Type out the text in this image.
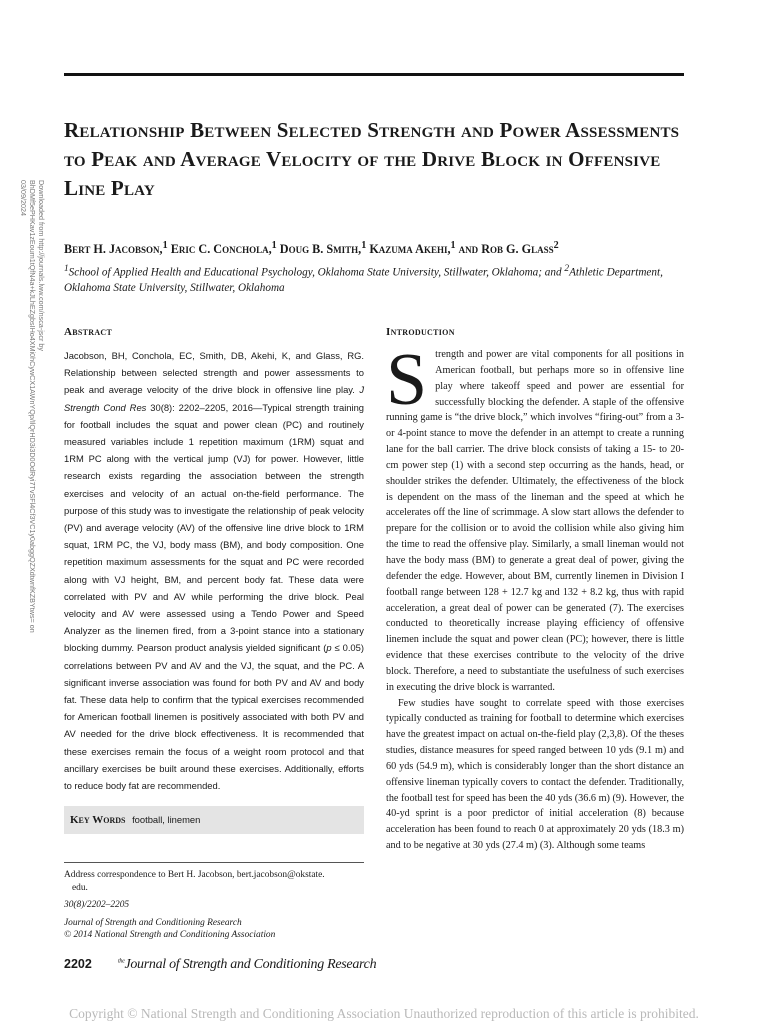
Downloaded from http://journals.lww.com/nsca-jscr by BhDMf5ePHKav1zEoum1tQfN4a+kJLhEZgbsIHo4XMi0hCywCX1AWnYQp/IlQrHD3i3D0OdRyi7TvSFl4Cf3VC1y0abggQZXdtwnfKZBYtws= on 03/09/2024
Relationship Between Selected Strength and Power Assessments to Peak and Average Velocity of the Drive Block in Offensive Line Play

Bert H. Jacobson,$^1$ Eric C. Conchola,$^1$ Doug B. Smith,$^1$ Kazuma Akehi,$^1$ and Rob G. Glass$^2$

$^1$School of Applied Health and Educational Psychology, Oklahoma State University, Stillwater, Oklahoma; and $^2$Athletic Department, Oklahoma State University, Stillwater, Oklahoma

Abstract

Jacobson, BH, Conchola, EC, Smith, DB, Akehi, K, and Glass, RG. Relationship between selected strength and power assessments to peak and average velocity of the drive block in offensive line play. J Strength Cond Res 30(8): 2202–2205, 2016—Typical strength training for football includes the squat and power clean (PC) and routinely measured variables include 1 repetition maximum (1RM) squat and 1RM PC along with the vertical jump (VJ) for power. However, little research exists regarding the association between the strength exercises and velocity of an actual on-the-field performance. The purpose of this study was to investigate the relationship of peak velocity (PV) and average velocity (AV) of the offensive line drive block to 1RM squat, 1RM PC, the VJ, body mass (BM), and body composition. One repetition maximum assessments for the squat and PC were recorded along with VJ height, BM, and percent body fat. These data were correlated with PV and AV while performing the drive block. Peal velocity and AV were assessed using a Tendo Power and Speed Analyzer as the linemen fired, from a 3-point stance into a stationary blocking dummy. Pearson product analysis yielded significant (p ≤ 0.05) correlations between PV and AV and the VJ, the squat, and the PC. A significant inverse association was found for both PV and AV and body fat. These data help to confirm that the typical exercises recommended for American football linemen is positively associated with both PV and AV needed for the drive block effectiveness. It is recommended that these exercises remain the focus of a weight room protocol and that ancillary exercises be built around these exercises. Additionally, efforts to reduce body fat are recommended.

Key Words football, linemen
Address correspondence to Bert H. Jacobson, bert.jacobson@okstate.
edu.
30(8)/2202–2205
Journal of Strength and Conditioning Research
© 2014 National Strength and Conditioning Association
Introduction

Strength and power are vital components for all positions in American football, but perhaps more so in offensive line play where takeoff speed and power are essential for successfully blocking the defender. A staple of the offensive running game is “the drive block,” which involves “firing-out” from a 3- or 4-point stance to move the defender in an attempt to create a running lane for the ball carrier. The drive block consists of taking a 15- to 20-cm power step (1) with a second step occurring as the hands, head, or shoulder strikes the defender. Ultimately, the effectiveness of the block is dependent on the mass of the lineman and the speed at which he accelerates off the line of scrimmage. A slow start allows the defender to prepare for the collision or to avoid the collision while also giving him the time to read the offensive play. Similarly, a small lineman would not have the body mass (BM) to generate a great deal of power, giving the defender the edge. However, about BM, currently linemen in Division I football range between 128 + 12.7 kg and 132 + 8.2 kg, thus with rapid acceleration, a great deal of power can be generated (7). The exercises conducted to theoretically increase playing efficiency of offensive linemen include the squat and power clean (PC); however, there is little evidence that these exercises contribute to the velocity of the drive block. Therefore, a need to substantiate the usefulness of such exercises in executing the drive block is warranted.

Few studies have sought to correlate speed with those exercises typically conducted as training for football to determine which exercises have the greatest impact on actual on-the-field play (2,3,8). Of the theses studies, distance measures for speed ranged between 10 yds (9.1 m) and 60 yds (54.9 m), which is considerably longer than the short distance an offensive lineman typically covers to contact the defender. Traditionally, the football test for speed has been the 40 yds (36.6 m) (9). However, the 40-yd sprint is a poor predictor of initial acceleration (8) because acceleration has been found to reach 0 at approximately 20 yds (18.3 m) and to be negative at 30 yds (27.4 m) (3). Although some teams

2202	$^{the}$Journal of Strength and Conditioning Research
Copyright © National Strength and Conditioning Association Unauthorized reproduction of this article is prohibited.
